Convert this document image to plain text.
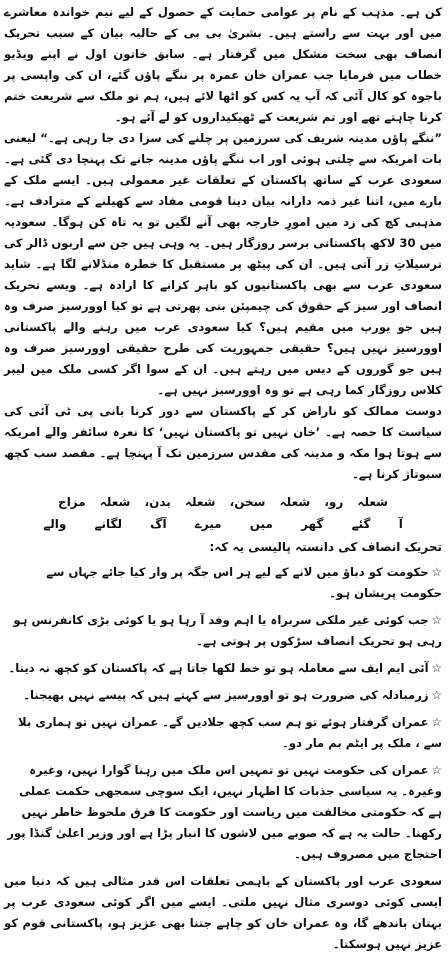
کن ہے۔ مذہب کے نام پر عوامی حمایت کے حصول کے لیے نیم خواندہ معاشرے میں اور بہت سے راستے ہیں۔ بشریٰ بی بی کے حالیہ بیان کے سبب تحریک انصاف بھی سخت مشکل میں گرفتار ہے۔ سابق خاتون اول نے اپنے ویڈیو خطاب میں فرمایا جب عمران خان عمرہ پر ننگے پاؤں گئے، ان کی واپسی پر باجوہ کو کال آئی کہ آپ یہ کس کو اٹھا لائے ہیں، ہم تو ملک سے شریعت ختم کرنا چاہتے تھے اور تم شریعت کے ٹھیکیداروں کو لے آئے ہو۔

”ننگے پاؤں مدینہ شریف کی سرزمین پر چلنے کی سزا دی جا رہی ہے۔“ لیعنی بات امریکہ سے چلتی ہوئی اور اب ننگے پاؤں مدینہ جانے تک پہنچا دی گئی ہے۔ سعودی عرب کے ساتھ پاکستان کے تعلقات غیر معمولی ہیں۔ ایسے ملک کے بارے میں، اتنا غیر ذمہ دارانہ بیان دینا قومی مفاد سے کھیلنے کے مترادف ہے۔ مذہبی کچ کی زد میں امورِ خارجہ بھی آنے لگیں تو یہ تاہ کن ہوگا۔ سعودیہ میں 30 لاکھ پاکستانی برسر روزگار ہیں۔ یہ وہی ہیں جن سے اربوں ڈالر کی ترسیلاتِ زر آتی ہیں۔ ان کی پیٹھ پر مستقبل کا خطرہ منڈلانے لگا ہے۔ شاید سعودی عرب سے بھی پاکستانیوں کو باہر کرانے کا ارادہ ہے۔ ویسے تحریک انصاف اور سیز کے حقوق کی چیمپئن بنی پھرتی ہے تو کیا اوورسیز صرف وہ ہیں جو یورپ میں مقیم ہیں؟ کیا سعودی عرب میں رہنے والے پاکستانی اوورسیز نہیں ہیں؟ حقیقی جمہوریت کی طرح حقیقی اوورسیز صرف وہ ہیں جو گوروں کے دیس میں رہتے ہیں۔ ان کے سوا اگر کسی ملک میں لیبر کلاس روزگار کما رہی ہے تو وہ اوورسیز نہیں ہے۔

دوست ممالک کو ناراض کر کے پاکستان سے دور کرنا بانی پی ٹی آئی کی سیاست کا حصہ ہے۔ ’خان نہیں تو پاکستان نہیں‘ کا نعرہ سائفر والے امریکہ سے ہوتا ہوا مکہ و مدینہ کی مقدس سرزمین تک آ پہنچا ہے۔ مقصد سب کچھ سبوتاژ کرنا ہے۔

شعلہ رو، شعلہ سخن، شعلہ بدن، شعلہ مزاج
آ گئے گھر میں میرے آگ لگانے والے
تحریک انصاف کی دانستہ پالیسی یہ کہ:
☆حکومت کو دباؤ میں لانے کے لیے ہر اس جگہ پر وار کیا جائے جہاں سے حکومت پریشان ہو۔
☆جب کوئی غیر ملکی سربراہ یا اہم وفد آ رہا ہو یا کوئی بڑی کانفرنس ہو رہی ہو تحریک انصاف سڑکوں پر ہوتی ہے۔
☆آئی ایم ایف سے معاملہ ہو تو خط لکھا جاتا ہے کہ پاکستان کو کچھ نہ دینا۔
☆زرمبادلہ کی ضرورت ہو تو اوورسیز سے کہتے ہیں کہ پیسے نہیں بھیجنا۔
☆عمران گرفتار ہوئے تو ہم سب کچھ جلادیں گے۔ عمران نہیں تو ہماری بلا سے ، ملک پر ایٹم بم مار دو۔
☆عمران کی حکومت نہیں تو تمہیں اس ملک میں رہنا گوارا نہیں، وغیرہ وغیرہ۔ یہ سیاسی جذبات کا اظہار نہیں، ایک سوچی سمجھی حکمت عملی ہے کہ حکومتی مخالفت میں ریاست اور حکومت کا فرق ملحوظ خاطر نہیں رکھنا۔ حالت یہ ہے کہ صوبے میں لاشوں کا انبار پڑا ہے اور وزیر اعلیٰ گنڈا پور احتجاج میں مصروف ہیں۔

سعودی عرب اور پاکستان کے باہمی تعلقات اس قدر مثالی ہیں کہ دنیا میں ایسی کوئی دوسری مثال نہیں ملتی۔ ایسے میں اگر کوئی سعودی عرب پر بہتان باندھے گا، وہ عمران خان کو چاہے جتنا بھی عزیز ہو، پاکستانی قوم کو عزیز نہیں ہوسکتا۔
